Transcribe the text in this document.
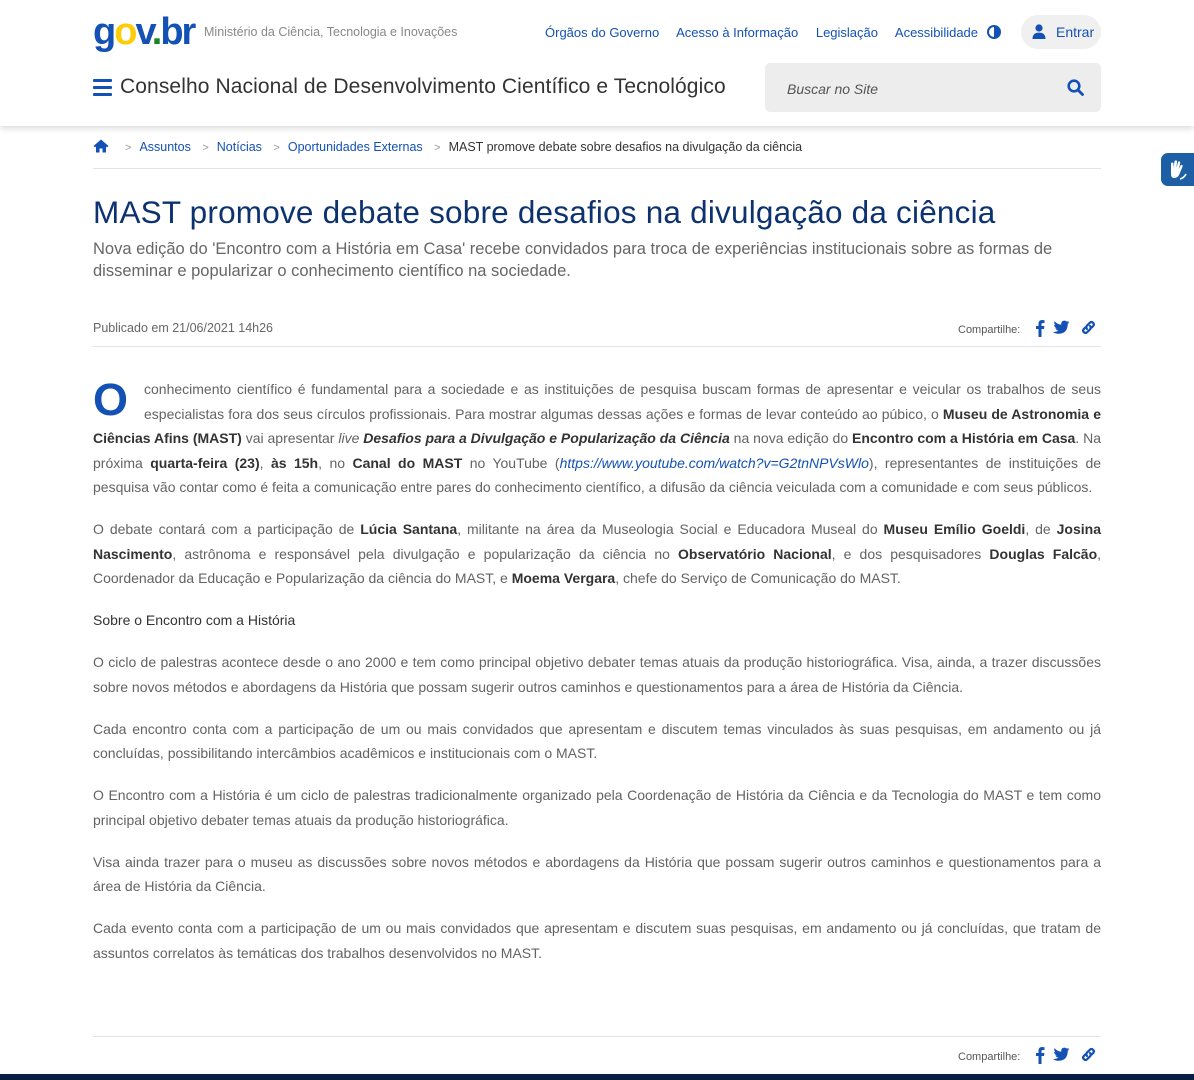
gov.br Ministério da Ciência, Tecnologia e Inovações	Órgãos do Governo Acesso à Informação Legislação Acessibilidade	Entrar
Conselho Nacional de Desenvolvimento Científico e Tecnológico
Buscar no Site
> Assuntos > Notícias > Oportunidades Externas > MAST promove debate sobre desafios na divulgação da ciência
MAST promove debate sobre desafios na divulgação da ciência

Nova edição do 'Encontro com a História em Casa' recebe convidados para troca de experiências institucionais sobre as formas de disseminar e popularizar o conhecimento científico na sociedade.

Publicado em 21/06/2021 14h26	Compartilhe:

O conhecimento científico é fundamental para a sociedade e as instituições de pesquisa buscam formas de apresentar e veicular os trabalhos de seus especialistas fora dos seus círculos profissionais. Para mostrar algumas dessas ações e formas de levar conteúdo ao púbico, o Museu de Astronomia e Ciências Afins (MAST) vai apresentar live Desafios para a Divulgação e Popularização da Ciência na nova edição do Encontro com a História em Casa. Na próxima quarta-feira (23), às 15h, no Canal do MAST no YouTube (https://www.youtube.com/watch?v=G2tnNPVsWlo), representantes de instituições de pesquisa vão contar como é feita a comunicação entre pares do conhecimento científico, a difusão da ciência veiculada com a comunidade e com seus públicos.

O debate contará com a participação de Lúcia Santana, militante na área da Museologia Social e Educadora Museal do Museu Emílio Goeldi, de Josina Nascimento, astrônoma e responsável pela divulgação e popularização da ciência no Observatório Nacional, e dos pesquisadores Douglas Falcão, Coordenador da Educação e Popularização da ciência do MAST, e Moema Vergara, chefe do Serviço de Comunicação do MAST.

Sobre o Encontro com a História

O ciclo de palestras acontece desde o ano 2000 e tem como principal objetivo debater temas atuais da produção historiográfica. Visa, ainda, a trazer discussões sobre novos métodos e abordagens da História que possam sugerir outros caminhos e questionamentos para a área de História da Ciência.

Cada encontro conta com a participação de um ou mais convidados que apresentam e discutem temas vinculados às suas pesquisas, em andamento ou já concluídas, possibilitando intercâmbios acadêmicos e institucionais com o MAST.

O Encontro com a História é um ciclo de palestras tradicionalmente organizado pela Coordenação de História da Ciência e da Tecnologia do MAST e tem como principal objetivo debater temas atuais da produção historiográfica.

Visa ainda trazer para o museu as discussões sobre novos métodos e abordagens da História que possam sugerir outros caminhos e questionamentos para a área de História da Ciência.

Cada evento conta com a participação de um ou mais convidados que apresentam e discutem suas pesquisas, em andamento ou já concluídas, que tratam de assuntos correlatos às temáticas dos trabalhos desenvolvidos no MAST.

Compartilhe:
